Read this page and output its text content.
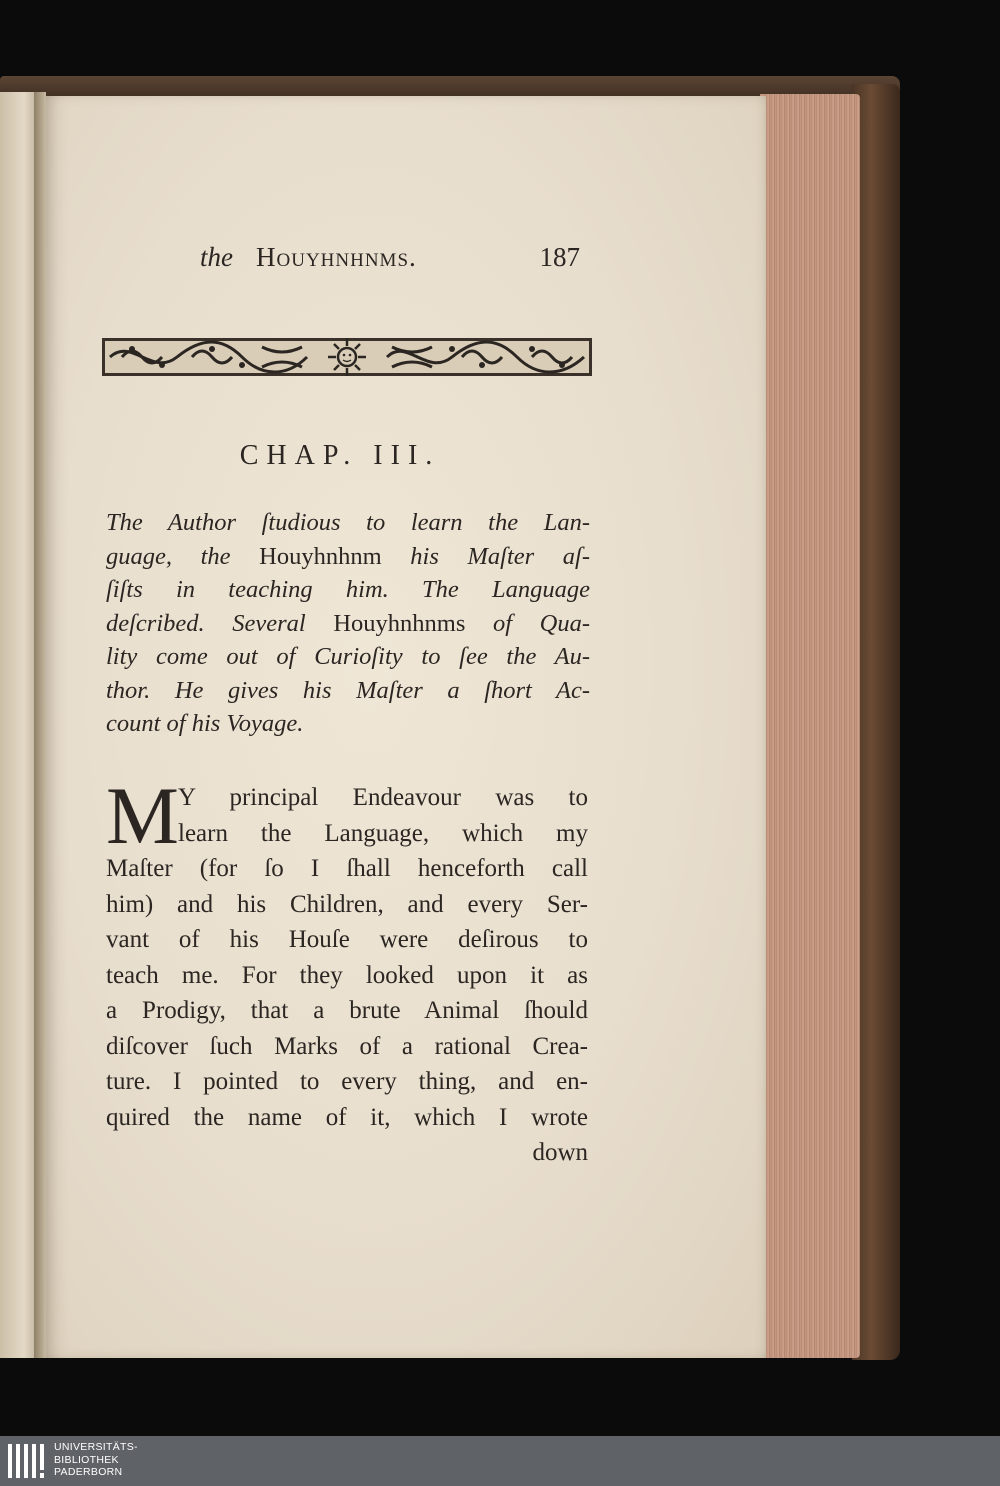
the Houyhnhnms.	187
CHAP. III.
The Author ſtudious to learn the Lan-
guage, the Houyhnhnm his Maſter aſ-
ſiſts in teaching him. The Language
deſcribed. Several Houyhnhnms of Qua-
lity come out of Curioſity to ſee the Au-
thor. He gives his Maſter a ſhort Ac-
count of his Voyage.
M Y principal Endeavour was to
learn the Language, which my
Maſter (for ſo I ſhall henceforth call
him) and his Children, and every Ser-
vant of his Houſe were deſirous to
teach me. For they looked upon it as
a Prodigy, that a brute Animal ſhould
diſcover ſuch Marks of a rational Crea-
ture. I pointed to every thing, and en-
quired the name of it, which I wrote
down
UNIVERSITÄTS-
BIBLIOTHEK
PADERBORN
